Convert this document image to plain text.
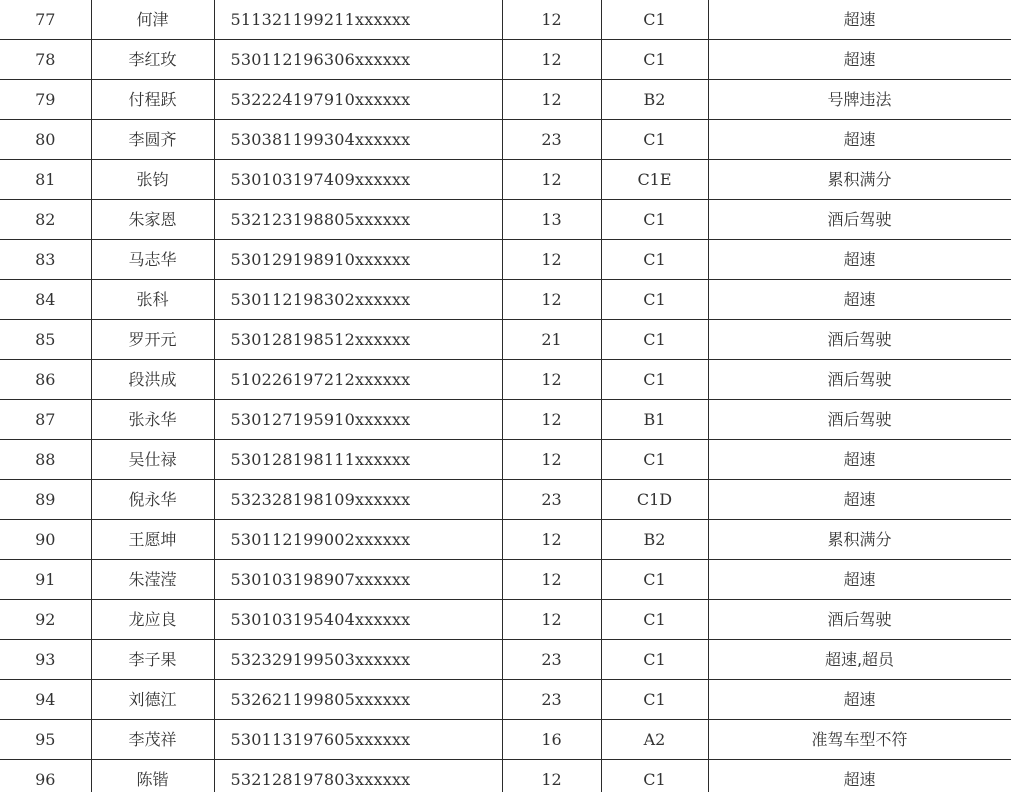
77	何津	511321199211xxxxxx	12	C1	超速
78	李红玫	530112196306xxxxxx	12	C1	超速
79	付程跃	532224197910xxxxxx	12	B2	号牌违法
80	李圆齐	530381199304xxxxxx	23	C1	超速
81	张钧	530103197409xxxxxx	12	C1E	累积满分
82	朱家恩	532123198805xxxxxx	13	C1	酒后驾驶
83	马志华	530129198910xxxxxx	12	C1	超速
84	张科	530112198302xxxxxx	12	C1	超速
85	罗开元	530128198512xxxxxx	21	C1	酒后驾驶
86	段洪成	510226197212xxxxxx	12	C1	酒后驾驶
87	张永华	530127195910xxxxxx	12	B1	酒后驾驶
88	吴仕禄	530128198111xxxxxx	12	C1	超速
89	倪永华	532328198109xxxxxx	23	C1D	超速
90	王愿坤	530112199002xxxxxx	12	B2	累积满分
91	朱滢滢	530103198907xxxxxx	12	C1	超速
92	龙应良	530103195404xxxxxx	12	C1	酒后驾驶
93	李子果	532329199503xxxxxx	23	C1	超速,超员
94	刘德江	532621199805xxxxxx	23	C1	超速
95	李茂祥	530113197605xxxxxx	16	A2	准驾车型不符
96	陈锴	532128197803xxxxxx	12	C1	超速
